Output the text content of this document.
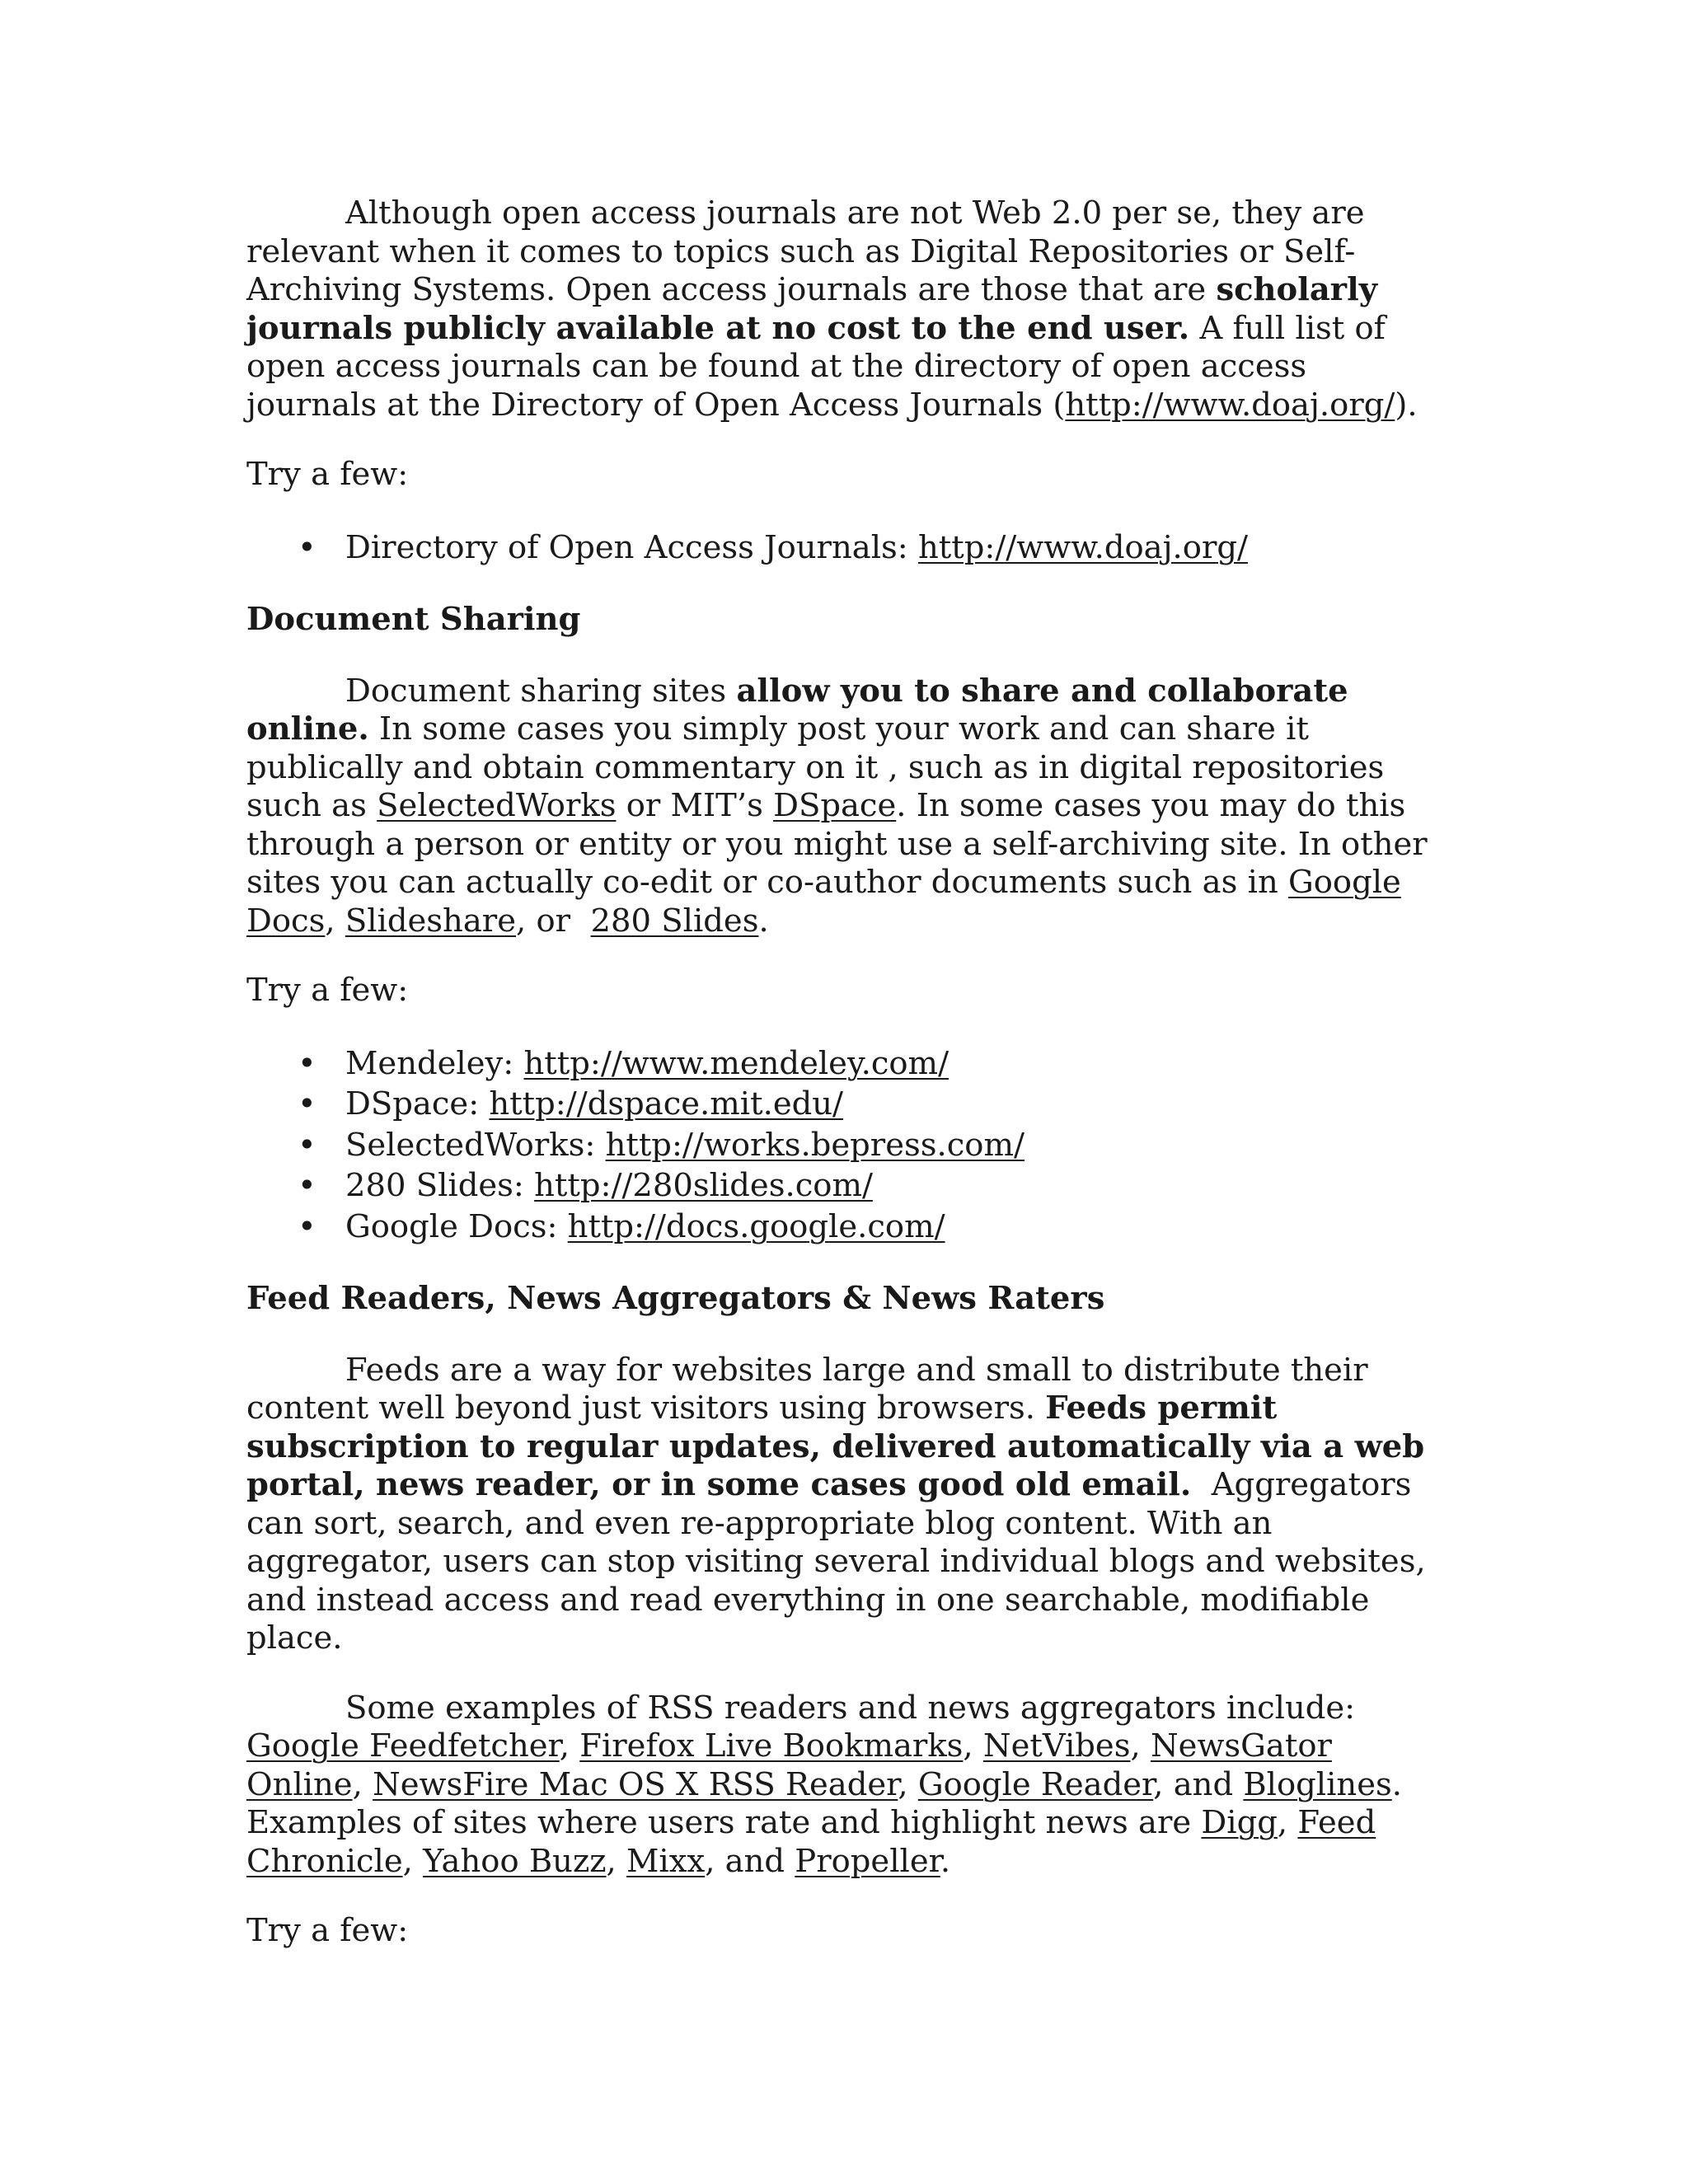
Although open access journals are not Web 2.0 per se, they are relevant when it comes to topics such as Digital Repositories or Self-Archiving Systems. Open access journals are those that are scholarly journals publicly available at no cost to the end user. A full list of open access journals can be found at the directory of open access journals at the Directory of Open Access Journals (http://www.doaj.org/).

Try a few:

• Directory of Open Access Journals: http://www.doaj.org/
Document Sharing

Document sharing sites allow you to share and collaborate online. In some cases you simply post your work and can share it publically and obtain commentary on it , such as in digital repositories such as SelectedWorks or MIT’s DSpace. In some cases you may do this through a person or entity or you might use a self-archiving site. In other sites you can actually co-edit or co-author documents such as in Google Docs, Slideshare, or  280 Slides.

Try a few:

• Mendeley: http://www.mendeley.com/
• DSpace: http://dspace.mit.edu/
• SelectedWorks: http://works.bepress.com/
• 280 Slides: http://280slides.com/
• Google Docs: http://docs.google.com/
Feed Readers, News Aggregators & News Raters

Feeds are a way for websites large and small to distribute their content well beyond just visitors using browsers. Feeds permit subscription to regular updates, delivered automatically via a web portal, news reader, or in some cases good old email.  Aggregators can sort, search, and even re-appropriate blog content. With an aggregator, users can stop visiting several individual blogs and websites, and instead access and read everything in one searchable, modifiable place.

Some examples of RSS readers and news aggregators include: Google Feedfetcher, Firefox Live Bookmarks, NetVibes, NewsGator Online, NewsFire Mac OS X RSS Reader, Google Reader, and Bloglines. Examples of sites where users rate and highlight news are Digg, Feed Chronicle, Yahoo Buzz, Mixx, and Propeller.

Try a few:
